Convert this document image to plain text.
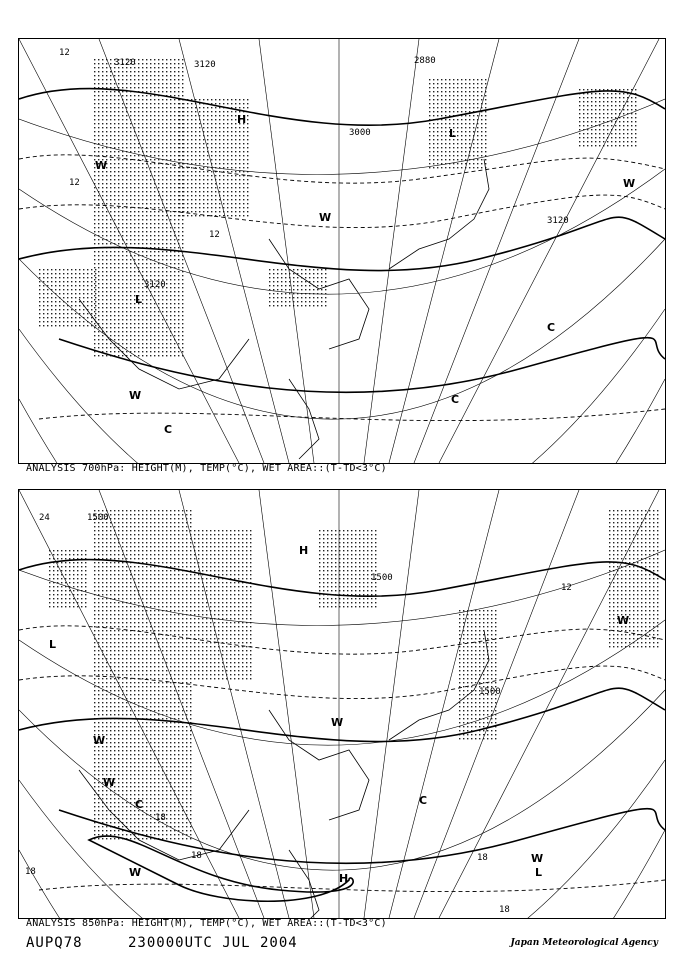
3120	3120
3000
2880
3120
3120
12
12
12
L
H
W
W
W
C
C
C
W
L
ANALYSIS 700hPa: HEIGHT(M), TEMP(°C), WET AREA::(T-TD<3°C)
1500
1500
1500
24
12
18
18	18
18
18
H
L
W
W
W
C	C
W
L
W
W	H
ANALYSIS 850hPa: HEIGHT(M), TEMP(°C), WET AREA::(T-TD<3°C)
AUPQ78	230000UTC JUL 2004	Japan Meteorological Agency
